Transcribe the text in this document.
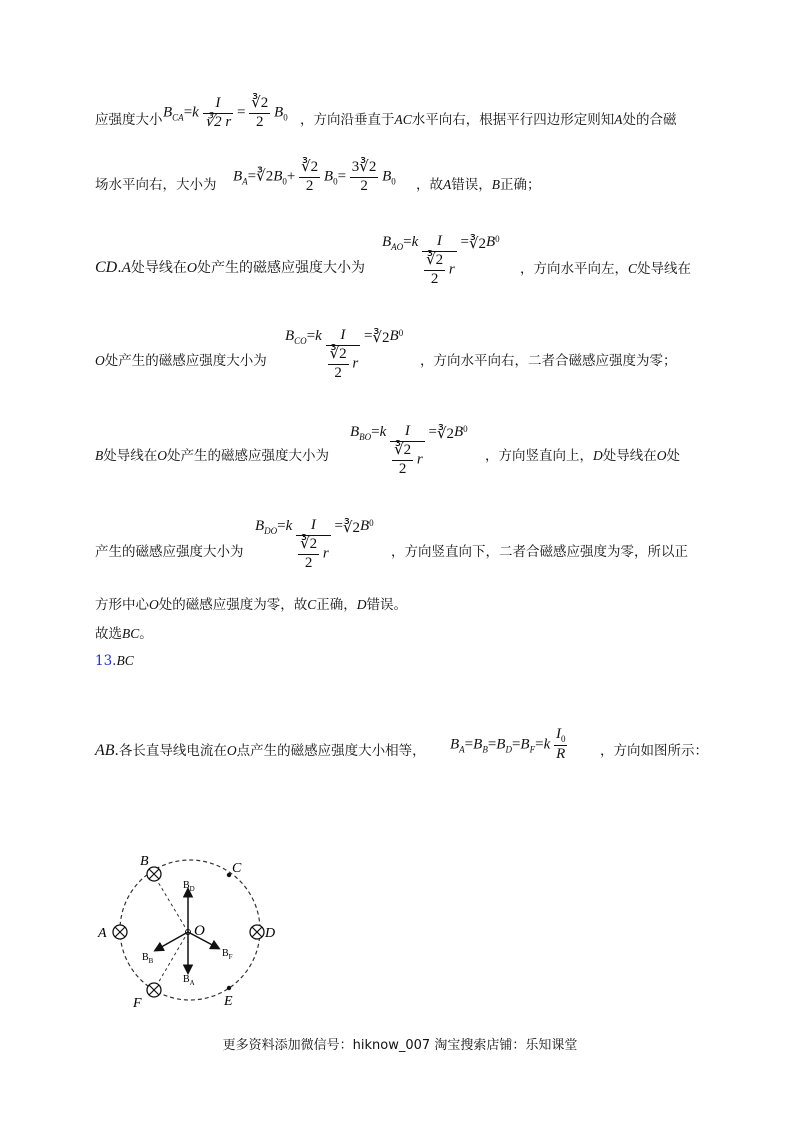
应强度大小 $B_{CA}=k \frac{I}{∛2 r} = \frac{∛2}{2} B_0$ ，方向沿垂直于AC水平向右，根据平行四边形定则知A处的合磁
场水平向右，大小为
$B_A=∛2B_0+ \frac{∛2}{2} B_0= \frac{3∛2}{2} B_0$ ，故A错误，B正确；
CD.A处导线在O处产生的磁感应强度大小为
$B_{AO}=k \frac{I}{\frac{∛2}{2} r}$ $=∛2B_0$
，方向水平向左，C处导线在
O处产生的磁感应强度大小为
$B_{CO}=k \frac{I}{\frac{∛2}{2} r}$ $=∛2B_0$
，方向水平向右，二者合磁感应强度为零；
B处导线在O处产生的磁感应强度大小为
$B_{BO}=k \frac{I}{\frac{∛2}{2} r}$ $=∛2B_0$
，方向竖直向上，D处导线在O处
产生的磁感应强度大小为
$B_{DO}=k \frac{I}{\frac{∛2}{2} r}$ $=∛2B_0$
，方向竖直向下，二者合磁感应强度为零，所以正
方形中心O处的磁感应强度为零，故C正确，D错误。
故选BC。
13.BC
AB.各长直导线电流在O点产生的磁感应强度大小相等， $B_A=B_B=B_D=B_F=k \frac{I_0}{R}$ ，方向如图所示：
B	C
A	D
F	E
O
$B_D$
$B_B$
$B_F$
$B_A$
更多资料添加微信号：hiknow_007 淘宝搜索店铺：乐知课堂
